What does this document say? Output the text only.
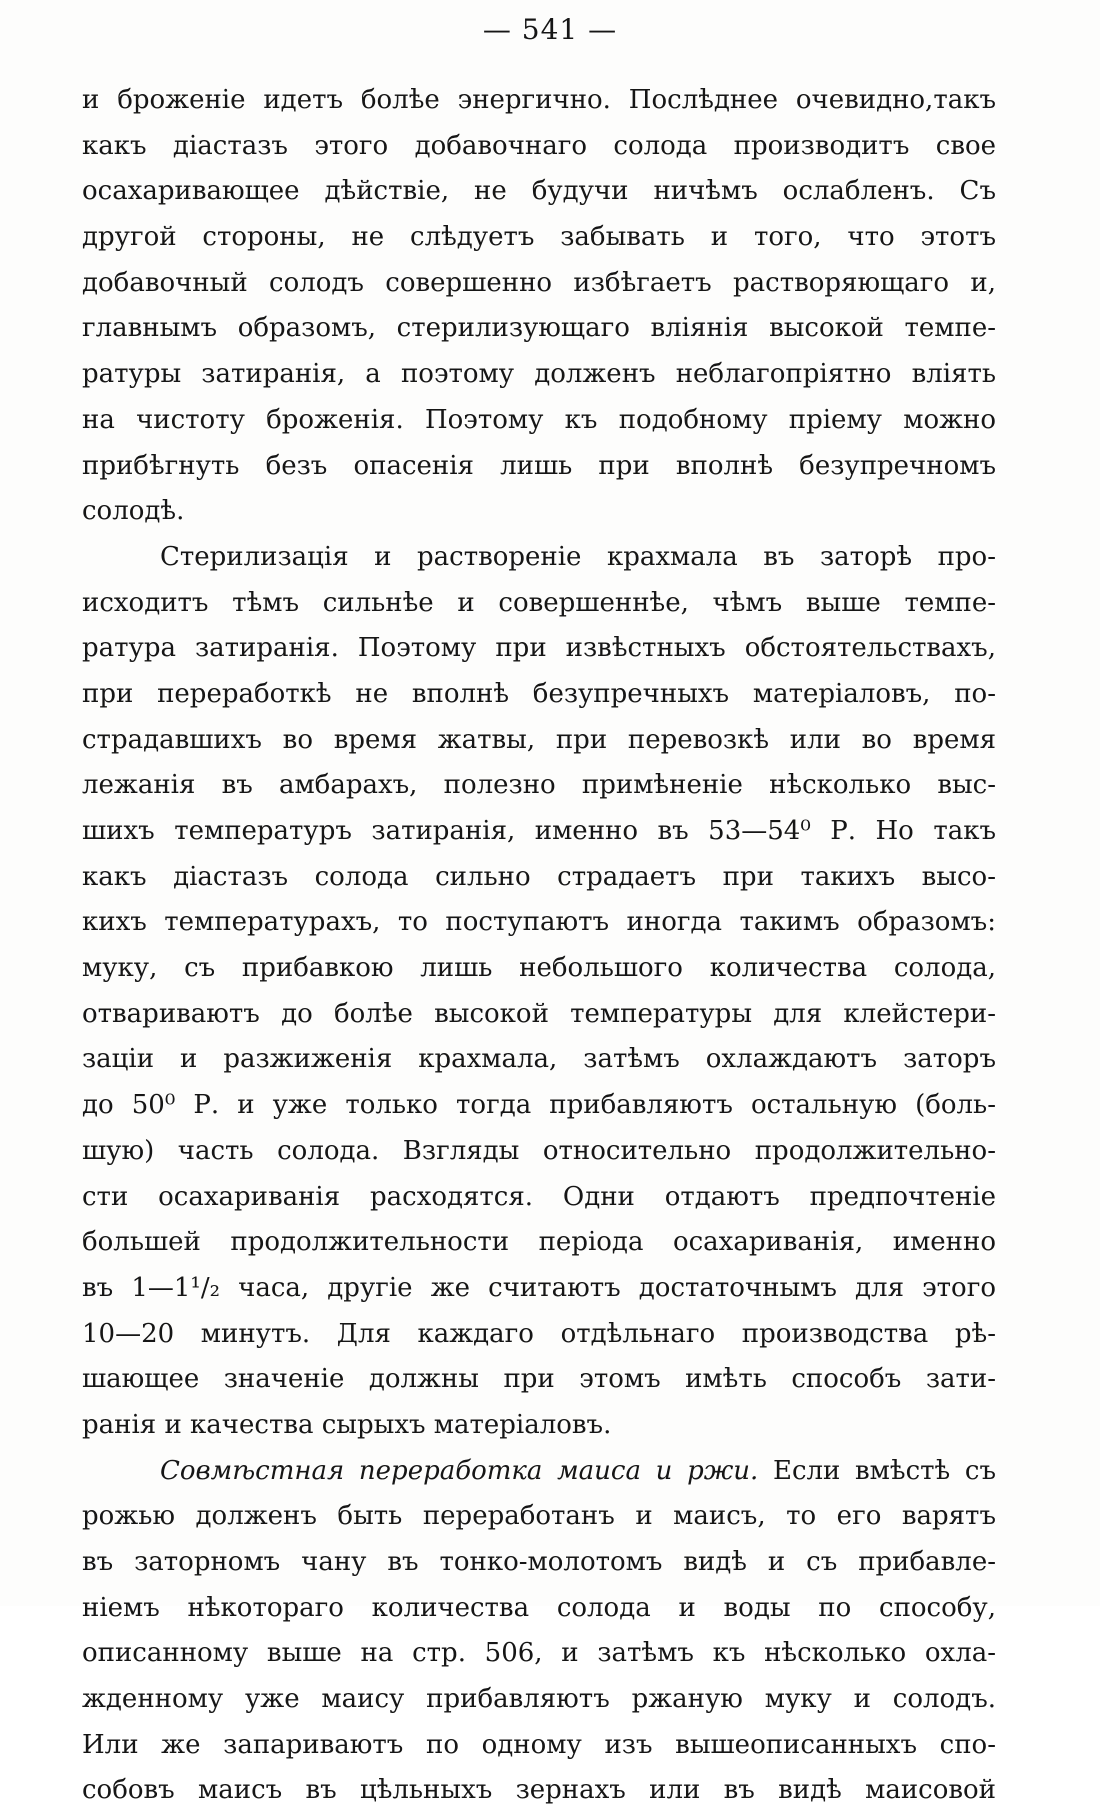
— 541 —
и броженіе идетъ болѣе энергично. Послѣднее очевидно,такъ
какъ діастазъ этого добавочнаго солода производитъ свое
осахаривающее дѣйствіе, не будучи ничѣмъ ослабленъ. Съ
другой стороны, не слѣдуетъ забывать и того, что этотъ
добавочный солодъ совершенно избѣгаетъ растворяющаго и,
главнымъ образомъ, стерилизующаго вліянія высокой темпе-
ратуры затиранія, а поэтому долженъ неблагопріятно вліять
на чистоту броженія. Поэтому къ подобному пріему можно
прибѣгнуть безъ опасенія лишь при вполнѣ безупречномъ
солодѣ.
Стерилизація и раствореніе крахмала въ заторѣ про-
исходитъ тѣмъ сильнѣе и совершеннѣе, чѣмъ выше темпе-
ратура затиранія. Поэтому при извѣстныхъ обстоятельствахъ,
при переработкѣ не вполнѣ безупречныхъ матеріаловъ, по-
страдавшихъ во время жатвы, при перевозкѣ или во время
лежанія въ амбарахъ, полезно примѣненіе нѣсколько выс-
шихъ температуръ затиранія, именно въ 53—54⁰ Р. Но такъ
какъ діастазъ солода сильно страдаетъ при такихъ высо-
кихъ температурахъ, то поступаютъ иногда такимъ образомъ:
муку, съ прибавкою лишь небольшого количества солода,
отвариваютъ до болѣе высокой температуры для клейстери-
заціи и разжиженія крахмала, затѣмъ охлаждаютъ заторъ
до 50⁰ Р. и уже только тогда прибавляютъ остальную (боль-
шую) часть солода. Взгляды относительно продолжительно-
сти осахариванія расходятся. Одни отдаютъ предпочтеніе
большей продолжительности періода осахариванія, именно
въ 1—1¹/₂ часа, другіе же считаютъ достаточнымъ для этого
10—20 минутъ. Для каждаго отдѣльнаго производства рѣ-
шающее значеніе должны при этомъ имѣть способъ зати-
ранія и качества сырыхъ матеріаловъ.
Совмѣстная переработка маиса и ржи. Если вмѣстѣ съ
рожью долженъ быть переработанъ и маисъ, то его варятъ
въ заторномъ чану въ тонко-молотомъ видѣ и съ прибавле-
ніемъ нѣкотораго количества солода и воды по способу,
описанному выше на стр. 506, и затѣмъ къ нѣсколько охла-
жденному уже маису прибавляютъ ржаную муку и солодъ.
Или же запариваютъ по одному изъ вышеописанныхъ спо-
собовъ маисъ въ цѣльныхъ зернахъ или въ видѣ маисовой
